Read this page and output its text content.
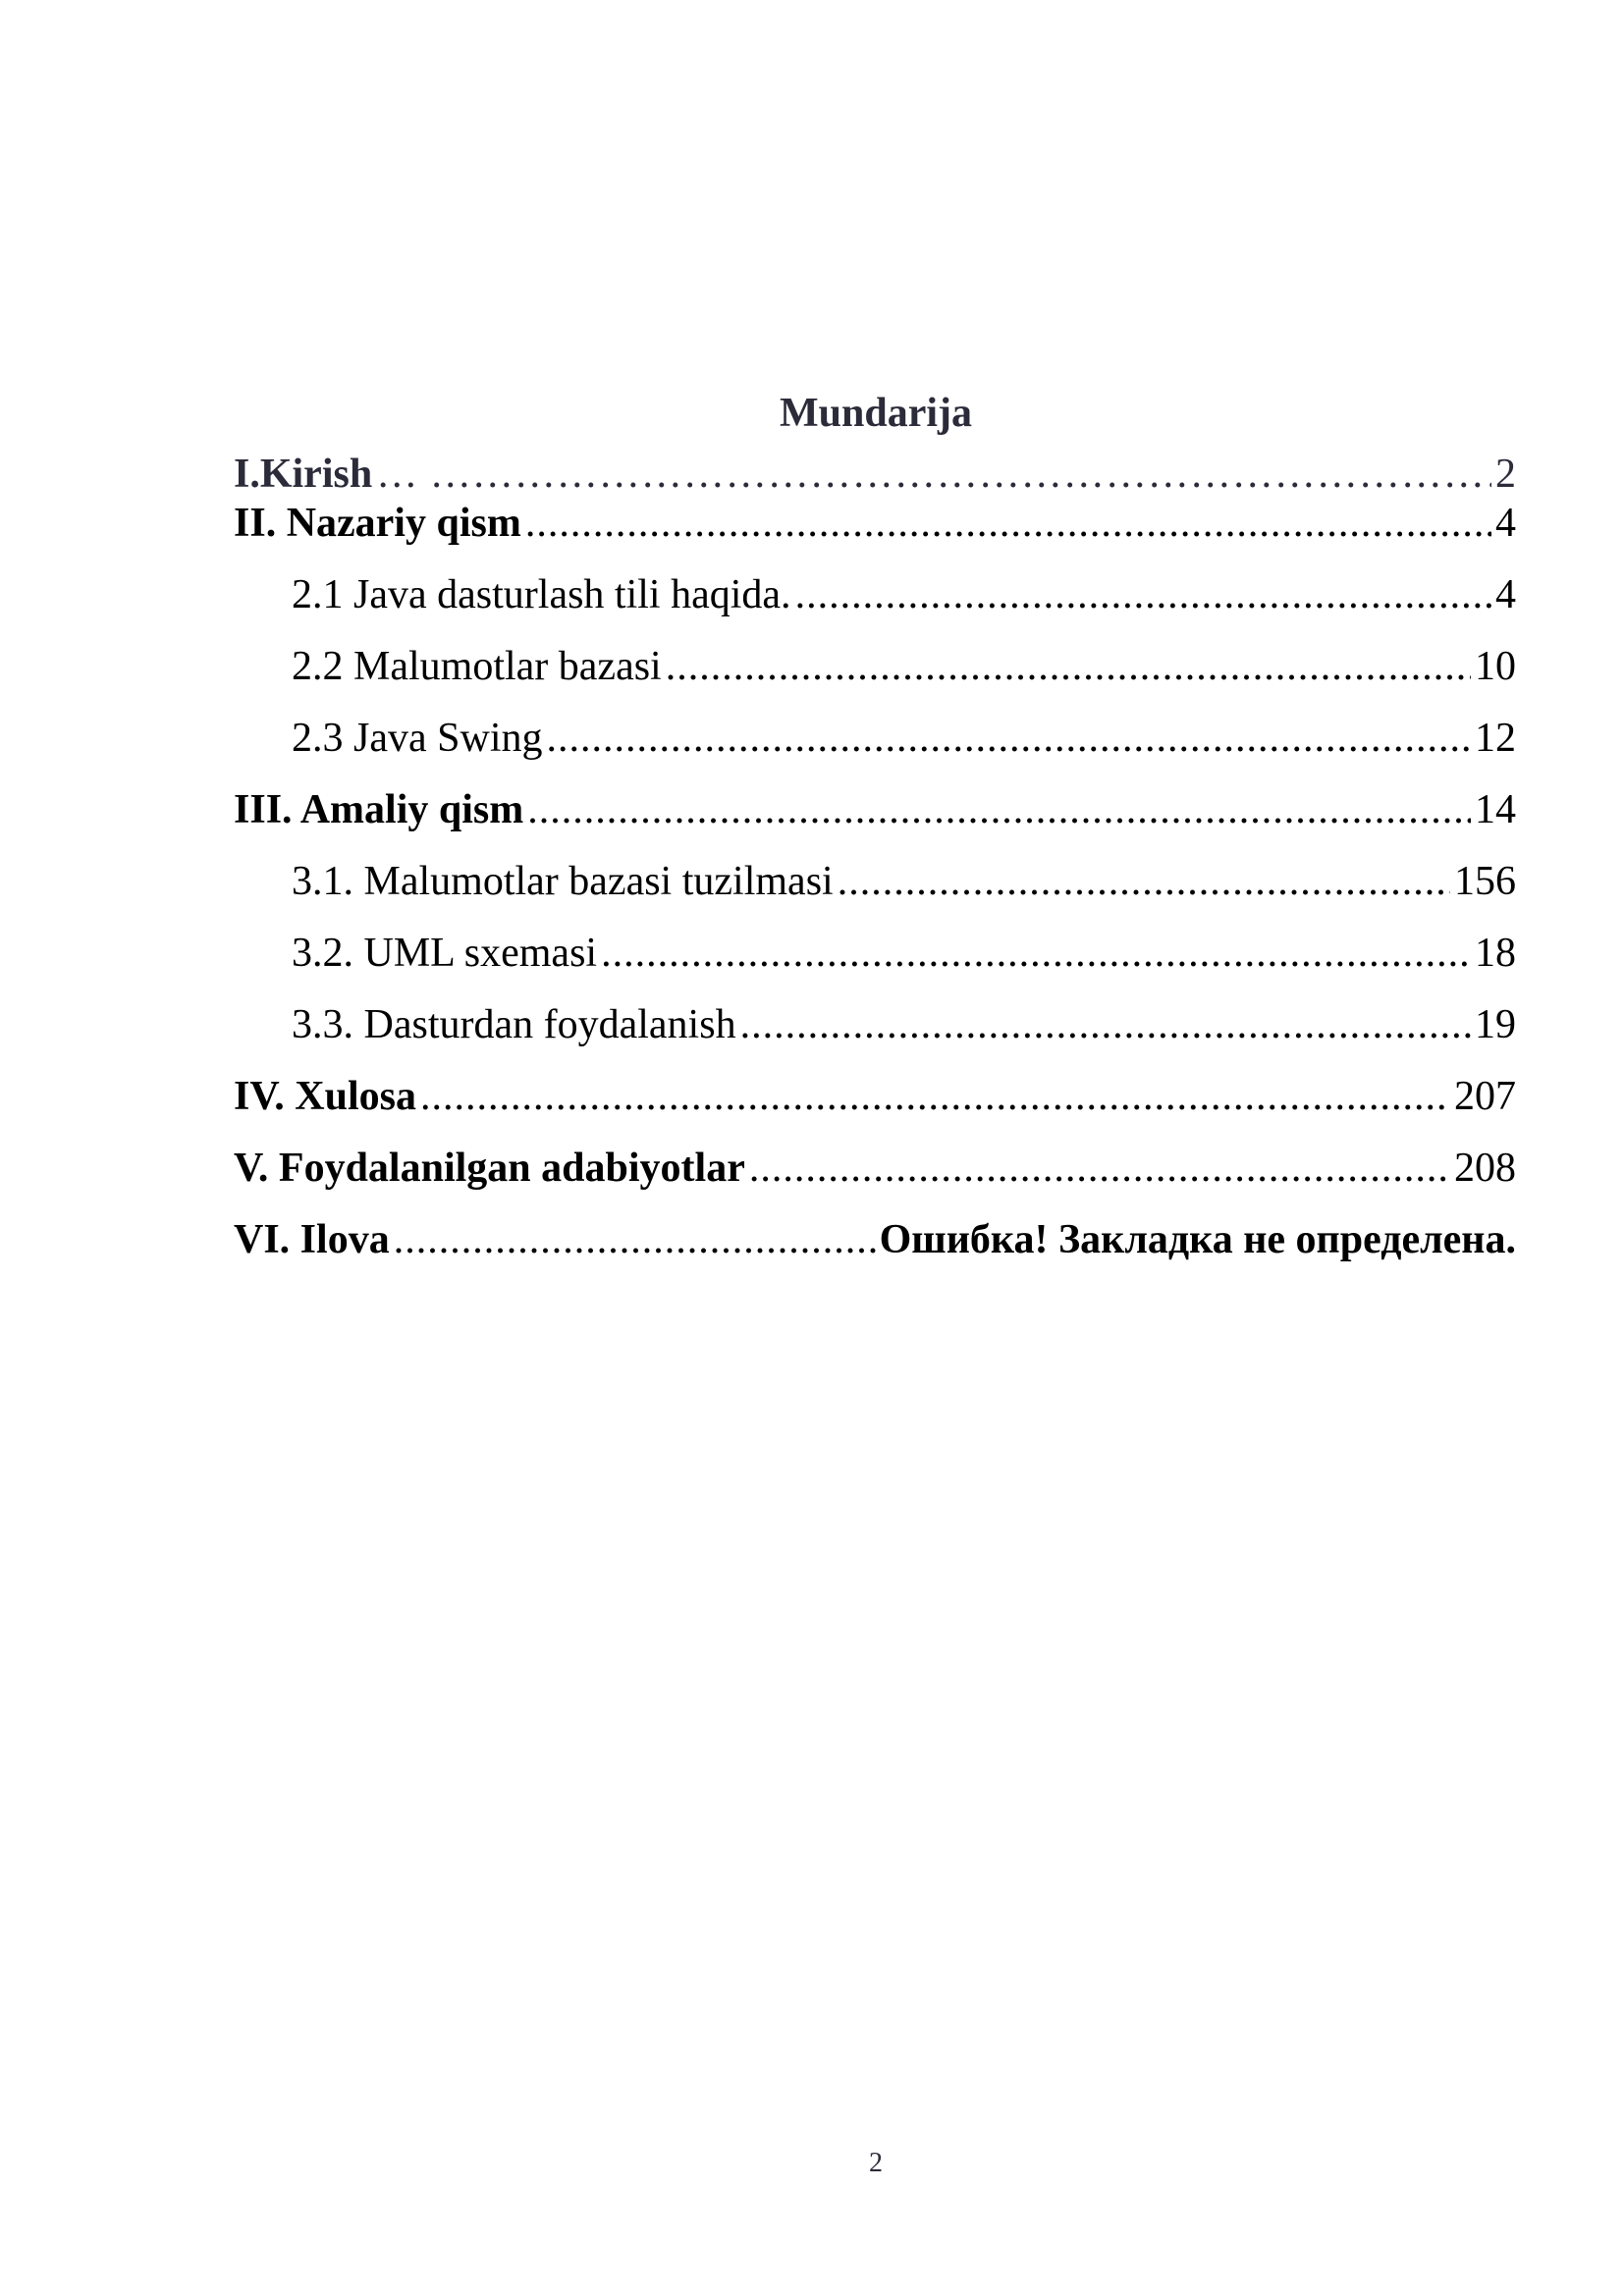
Mundarija
I.Kirish … ………………………………………………………………………………………………………………………	2
II. Nazariy qism .....	4
2.1 Java dasturlash tili haqida. .....	4
2.2 Malumotlar bazasi .....	10
2.3 Java Swing .....	12
III. Amaliy qism .....	14
3.1. Malumotlar bazasi tuzilmasi .....	156
3.2. UML sxemasi .....	18
3.3. Dasturdan foydalanish .....	19
IV. Xulosa .....	207
V. Foydalanilgan adabiyotlar .....	208
VI. Ilova .....	Ошибка! Закладка не определена.
2
